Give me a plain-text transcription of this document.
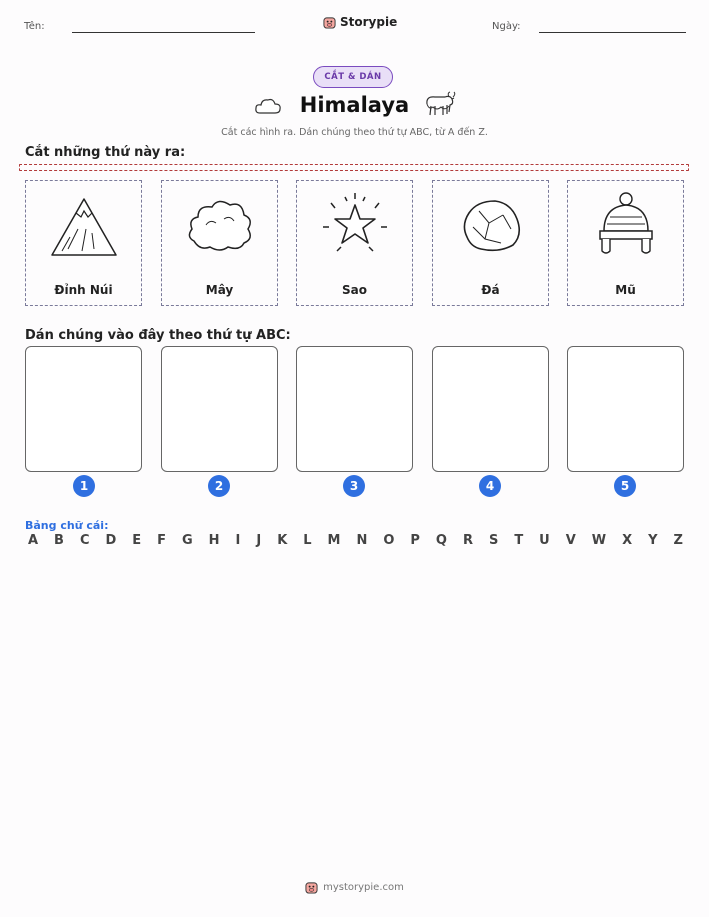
Tên:	Storypie	Ngày:
CẮT & DÁN
Himalaya
Cắt các hình ra. Dán chúng theo thứ tự ABC, từ A đến Z.
Cắt những thứ này ra:
Đỉnh Núi	Mây	Sao	Đá	Mũ
Dán chúng vào đây theo thứ tự ABC:
1	2	3	4	5
Bảng chữ cái:
A B C D E F G H I J K L M N O P Q R S T U V W X Y Z
mystorypie.com
